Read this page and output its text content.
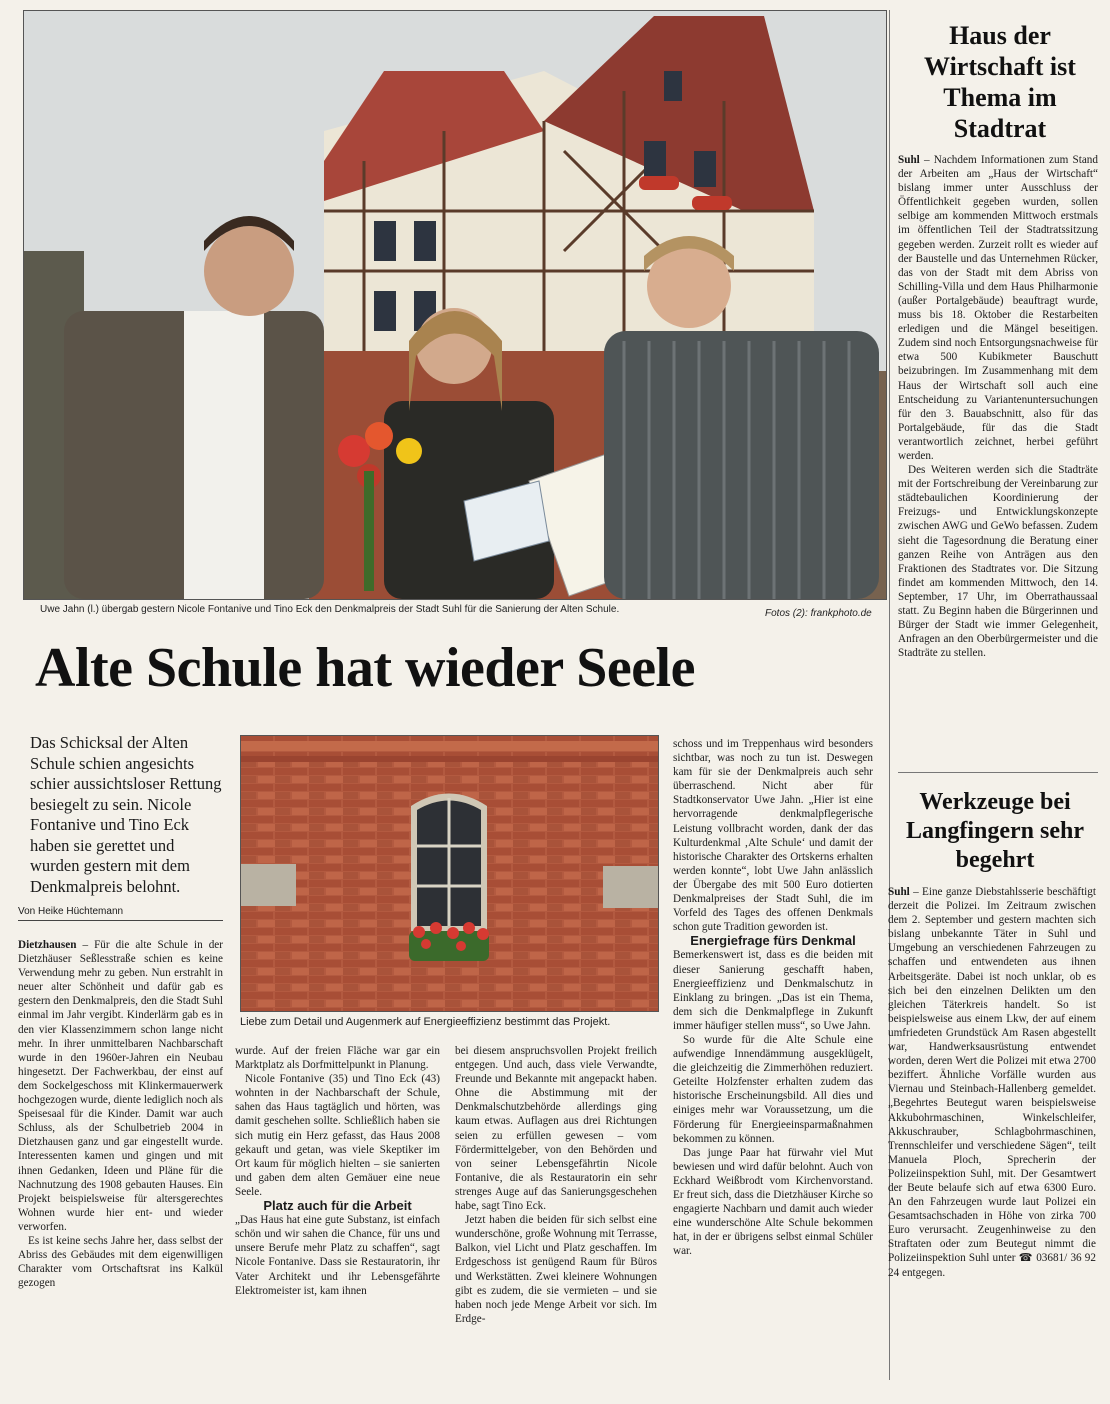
Uwe Jahn (l.) übergab gestern Nicole Fontanive und Tino Eck den Denkmalpreis der Stadt Suhl für die Sanierung der Alten Schule.	Fotos (2): frankphoto.de
Alte Schule hat wieder Seele

Das Schicksal der Alten Schule schien angesichts schier aussichtsloser Rettung besiegelt zu sein. Nicole Fontanive und Tino Eck haben sie gerettet und wurden gestern mit dem Denkmalpreis belohnt.

Von Heike Hüchtemann

Dietzhausen – Für die alte Schule in der Dietzhäuser Seßlesstraße schien es keine Verwendung mehr zu geben. Nun erstrahlt in neuer alter Schönheit und dafür gab es gestern den Denkmalpreis, den die Stadt Suhl einmal im Jahr vergibt. Kinderlärm gab es in den vier Klassenzimmern schon lange nicht mehr. In ihrer unmittelbaren Nachbarschaft wurde in den 1960er-Jahren ein Neubau hingesetzt. Der Fachwerkbau, der einst auf dem Sockelgeschoss mit Klinkermauerwerk hochgezogen wurde, diente lediglich noch als Speisesaal für die Kinder. Damit war auch Schluss, als der Schulbetrieb 2004 in Dietzhausen ganz und gar eingestellt wurde. Interessenten kamen und gingen und mit ihnen Gedanken, Ideen und Pläne für die Nachnutzung des 1908 gebauten Hauses. Ein Projekt beispielsweise für altersgerechtes Wohnen wurde hier ent- und wieder verworfen.

Es ist keine sechs Jahre her, dass selbst der Abriss des Gebäudes mit dem eigenwilligen Charakter vom Ortschaftsrat ins Kalkül gezogen

Liebe zum Detail und Augenmerk auf Energieeffizienz bestimmt das Projekt.

wurde. Auf der freien Fläche war gar ein Marktplatz als Dorfmittelpunkt in Planung.

Nicole Fontanive (35) und Tino Eck (43) wohnten in der Nachbarschaft der Schule, sahen das Haus tagtäglich und hörten, was damit geschehen sollte. Schließlich haben sie sich mutig ein Herz gefasst, das Haus 2008 gekauft und getan, was viele Skeptiker im Ort kaum für möglich hielten – sie sanierten und gaben dem alten Gemäuer eine neue Seele.

Platz auch für die Arbeit

„Das Haus hat eine gute Substanz, ist einfach schön und wir sahen die Chance, für uns und unsere Berufe mehr Platz zu schaffen“, sagt Nicole Fontanive. Dass sie Restauratorin, ihr Vater Architekt und ihr Lebensgefährte Elektromeister ist, kam ihnen

bei diesem anspruchsvollen Projekt freilich entgegen. Und auch, dass viele Verwandte, Freunde und Bekannte mit angepackt haben. Ohne die Abstimmung mit der Denkmalschutzbehörde allerdings ging kaum etwas. Auflagen aus drei Richtungen seien zu erfüllen gewesen – vom Fördermittelgeber, von den Behörden und von seiner Lebensgefährtin Nicole Fontanive, die als Restauratorin ein sehr strenges Auge auf das Sanierungsgeschehen habe, sagt Tino Eck.

Jetzt haben die beiden für sich selbst eine wunderschöne, große Wohnung mit Terrasse, Balkon, viel Licht und Platz geschaffen. Im Erdgeschoss ist genügend Raum für Büros und Werkstätten. Zwei kleinere Wohnungen gibt es zudem, die sie vermieten – und sie haben noch jede Menge Arbeit vor sich. Im Erdge-

schoss und im Treppenhaus wird besonders sichtbar, was noch zu tun ist. Deswegen kam für sie der Denkmalpreis auch sehr überraschend. Nicht aber für Stadtkonservator Uwe Jahn. „Hier ist eine hervorragende denkmalpflegerische Leistung vollbracht worden, dank der das Kulturdenkmal ‚Alte Schule‘ und damit der historische Charakter des Ortskerns erhalten werden konnte“, lobt Uwe Jahn anlässlich der Übergabe des mit 500 Euro dotierten Denkmalpreises der Stadt Suhl, die im Vorfeld des Tages des offenen Denkmals schon gute Tradition geworden ist.

Energiefrage fürs Denkmal

Bemerkenswert ist, dass es die beiden mit dieser Sanierung geschafft haben, Energieeffizienz und Denkmalschutz in Einklang zu bringen. „Das ist ein Thema, dem sich die Denkmalpflege in Zukunft immer häufiger stellen muss“, so Uwe Jahn.

So wurde für die Alte Schule eine aufwendige Innendämmung ausgeklügelt, die gleichzeitig die Zimmerhöhen reduziert. Geteilte Holzfenster erhalten zudem das historische Erscheinungsbild. All dies und einiges mehr war Voraussetzung, um die Förderung für Energieeinsparmaßnahmen bekommen zu können.

Das junge Paar hat fürwahr viel Mut bewiesen und wird dafür belohnt. Auch von Eckhard Weißbrodt vom Kirchenvorstand. Er freut sich, dass die Dietzhäuser Kirche so engagierte Nachbarn und damit auch wieder eine wunderschöne Alte Schule bekommen hat, in der er übrigens selbst einmal Schüler war.

Haus der Wirtschaft ist Thema im Stadtrat

Suhl – Nachdem Informationen zum Stand der Arbeiten am „Haus der Wirtschaft“ bislang immer unter Ausschluss der Öffentlichkeit gegeben wurden, sollen selbige am kommenden Mittwoch erstmals im öffentlichen Teil der Stadtratssitzung gegeben werden. Zurzeit rollt es wieder auf der Baustelle und das Unternehmen Rücker, das von der Stadt mit dem Abriss von Schilling-Villa und dem Haus Philharmonie (außer Portalgebäude) beauftragt wurde, muss bis 18. Oktober die Restarbeiten erledigen und die Mängel beseitigen. Zudem sind noch Entsorgungsnachweise für etwa 500 Kubikmeter Bauschutt beizubringen. Im Zusammenhang mit dem Haus der Wirtschaft soll auch eine Entscheidung zu Variantenuntersuchungen für den 3. Bauabschnitt, also für das Portalgebäude, für das die Stadt verantwortlich zeichnet, herbei geführt werden.

Des Weiteren werden sich die Stadträte mit der Fortschreibung der Vereinbarung zur städtebaulichen Koordinierung der Freizugs- und Entwicklungskonzepte zwischen AWG und GeWo befassen. Zudem sieht die Tagesordnung die Beratung einer ganzen Reihe von Anträgen aus den Fraktionen des Stadtrates vor. Die Sitzung findet am kommenden Mittwoch, den 14. September, 17 Uhr, im Oberrathaussaal statt. Zu Beginn haben die Bürgerinnen und Bürger der Stadt wie immer Gelegenheit, Anfragen an den Oberbürgermeister und die Stadträte zu stellen.

Werkzeuge bei Langfingern sehr begehrt

Suhl – Eine ganze Diebstahlsserie beschäftigt derzeit die Polizei. Im Zeitraum zwischen dem 2. September und gestern machten sich bislang unbekannte Täter in Suhl und Umgebung an verschiedenen Fahrzeugen zu schaffen und entwendeten aus ihnen Arbeitsgeräte. Dabei ist noch unklar, ob es sich bei den einzelnen Delikten um den gleichen Täterkreis handelt. So ist beispielsweise aus einem Lkw, der auf einem umfriedeten Grundstück Am Rasen abgestellt war, Handwerksausrüstung entwendet worden, deren Wert die Polizei mit etwa 2700 beziffert. Ähnliche Vorfälle wurden aus Viernau und Steinbach-Hallenberg gemeldet. „Begehrtes Beutegut waren beispielsweise Akkubohrmaschinen, Winkelschleifer, Akkuschrauber, Schlagbohrmaschinen, Trennschleifer und verschiedene Sägen“, teilt Manuela Ploch, Sprecherin der Polizeiinspektion Suhl, mit. Der Gesamtwert der Beute belaufe sich auf etwa 6300 Euro. An den Fahrzeugen wurde laut Polizei ein Gesamtsachschaden in Höhe von zirka 700 Euro verursacht. Zeugenhinweise zu den Straftaten oder zum Beutegut nimmt die Polizeiinspektion Suhl unter ☎ 03681/ 36 92 24 entgegen.
